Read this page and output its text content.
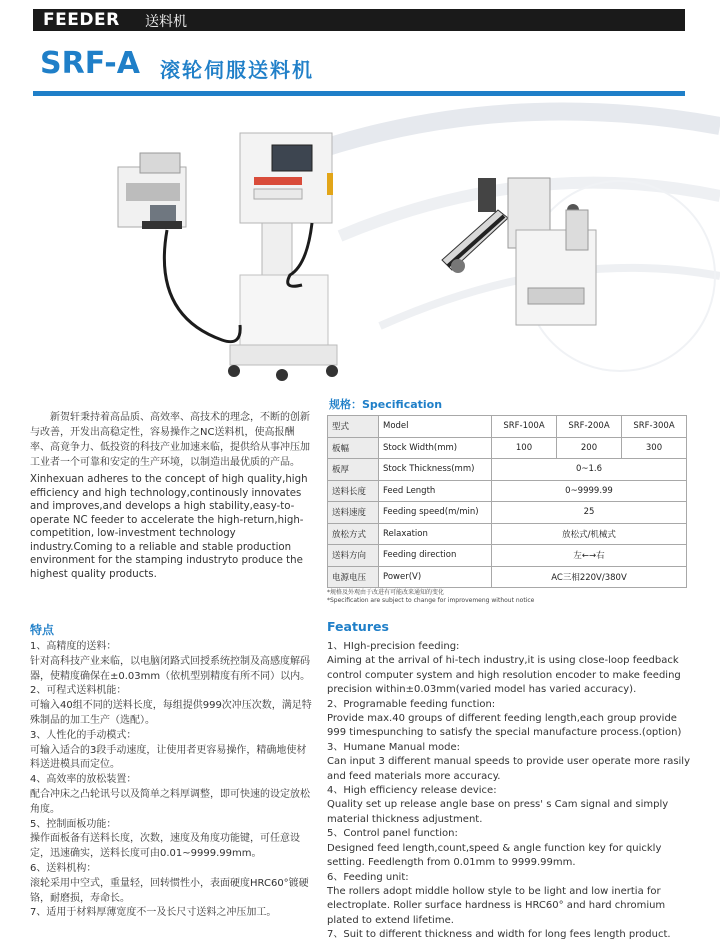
FEEDER 送料机
SRF-A 滚轮伺服送料机

新贺轩秉持着高品质、高效率、高技术的理念，不断的创新与改善，开发出高稳定性，容易操作之NC送料机，使高报酬率、高竟争力、低投资的科技产业加速来临，提供给从事冲压加工业者一个可靠和安定的生产环境，以制造出最优质的产品。

Xinhexuan adheres to the concept of high quality,high efficiency and high technology,continously innovates and improves,and develops a high stability,easy-to-operate NC feeder to accelerate the high-return,high-competition, low-investment technology industry.Coming to a reliable and stable production environment for the stamping industryto produce the highest quality products.

规格：Specification
型式	Model	SRF-100A	SRF-200A	SRF-300A
板幅	Stock Width(mm)	100	200	300
板厚	Stock Thickness(mm)	0~1.6		
送料长度	Feed Length	0~9999.99		
送料速度	Feeding speed(m/min)	25		
放松方式	Relaxation	放松式/机械式		
送料方向	Feeding direction	左←→右		
电源电压	Power(V)	AC三相220V/380V		
*规格及外观由于改进有可能改来通知的变化
*Specification are subject to change for improvemeng without notice
特点

1、高精度的送料：

针对高科技产业来临，以电脑闭路式回授系统控制及高感度解码器，使精度确保在±0.03mm（依机型别精度有所不同）以内。

2、可程式送料机能：

可输入40组不同的送料长度，每组提供999次冲压次数，满足特殊制品的加工生产（选配）。

3、人性化的手动模式：

可输入适合的3段手动速度，让使用者更容易操作，精确地使材料送进模具而定位。

4、高效率的放松装置：

配合冲床之凸轮讯号以及简单之料厚调整，即可快速的设定放松角度。

5、控制面板功能：

操作面板备有送料长度，次数，速度及角度功能键，可任意设定，迅速确实，送料长度可由0.01~9999.99mm。

6、送料机构：

滚轮采用中空式，重量轻，回转惯性小，表面硬度HRC60°镀硬铬，耐磨损，寿命长。

7、适用于材料厚薄宽度不一及长尺寸送料之冲压加工。

Features

1、HIgh-precision feeding:

Aiming at the arrival of hi-tech industry,it is using close-loop feedback control computer system and high resolution encoder to make feeding precision within±0.03mm(varied model has varied accuracy).

2、Programable feeding function:

Provide max.40 groups of different feeding length,each group provide 999 timespunching to satisfy the special manufacture process.(option)

3、Humane Manual mode:

Can input 3 different manual speeds to provide user operate more rasily and feed materials more accuracy.

4、High efficiency release device:

Quality set up release angle base on press' s Cam signal and simply material thickness adjustment.

5、Control panel function:

Designed feed length,count,speed & angle function key for quickly setting. Feedlength from 0.01mm to 9999.99mm.

6、Feeding unit:

The rollers adopt middle hollow style to be light and low inertia for electroplate. Roller surface hardness is HRC60° and hard chromium plated to extend lifetime.

7、Suit to different thickness and width for long fees length product.
